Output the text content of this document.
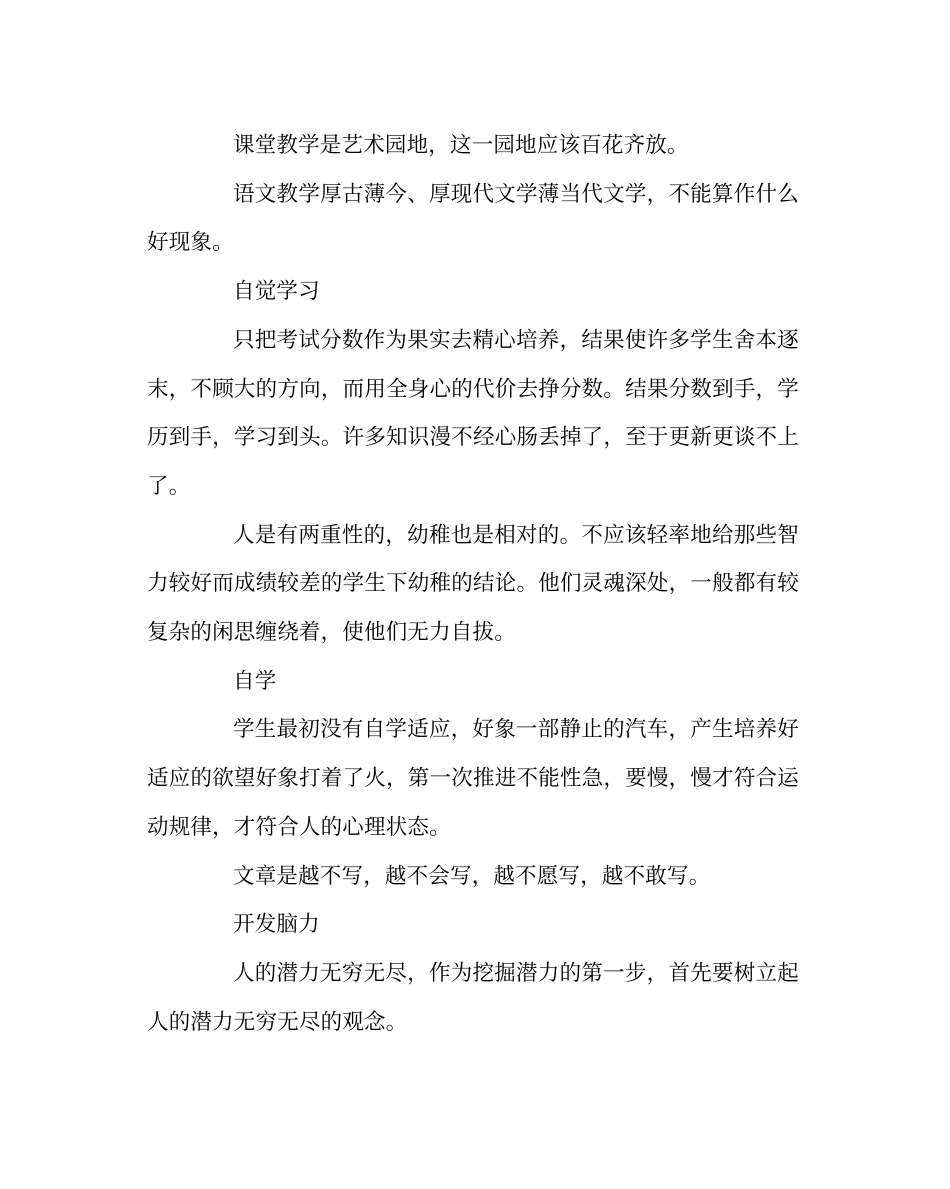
课堂教学是艺术园地，这一园地应该百花齐放。

语文教学厚古薄今、厚现代文学薄当代文学，不能算作什么好现象。

自觉学习

只把考试分数作为果实去精心培养，结果使许多学生舍本逐末，不顾大的方向，而用全身心的代价去挣分数。结果分数到手，学历到手，学习到头。许多知识漫不经心肠丢掉了，至于更新更谈不上了。

人是有两重性的，幼稚也是相对的。不应该轻率地给那些智力较好而成绩较差的学生下幼稚的结论。他们灵魂深处，一般都有较复杂的闲思缠绕着，使他们无力自拔。

自学

学生最初没有自学适应，好象一部静止的汽车，产生培养好适应的欲望好象打着了火，第一次推进不能性急，要慢，慢才符合运动规律，才符合人的心理状态。

文章是越不写，越不会写，越不愿写，越不敢写。

开发脑力

人的潜力无穷无尽，作为挖掘潜力的第一步，首先要树立起人的潜力无穷无尽的观念。
